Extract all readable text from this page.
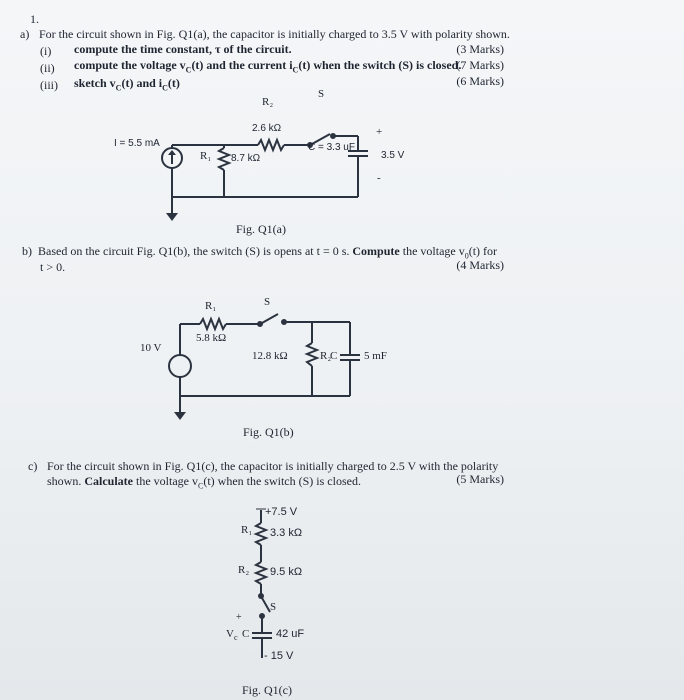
1.
a) For the circuit shown in Fig. Q1(a), the capacitor is initially charged to 3.5 V with polarity shown.
(i) compute the time constant, τ of the circuit.	(3 Marks)
(ii) compute the voltage $v_C(t)$ and the current $i_C(t)$ when the switch (S) is closed.
(7 Marks)
(iii) sketch $v_C(t)$ and $i_C(t)$	(6 Marks)
I = 5.5 mA
R₁ 8.7 kΩ
R₂
2.6 kΩ
S
C = 3.3 uF
+
3.5 V
-
Fig. Q1(a)
b) Based on the circuit Fig. Q1(b), the switch (S) is opens at t = 0 s. Compute the voltage $v_0(t)$ for
t > 0.	(4 Marks)
10 V
R₁
5.8 kΩ
S
12.8 kΩ	R₂
C 5 mF
Fig. Q1(b)
c) For the circuit shown in Fig. Q1(c), the capacitor is initially charged to 2.5 V with the polarity
shown. Calculate the voltage $v_C(t)$ when the switch (S) is closed.	(5 Marks)
+7.5 V
R₁ 3.3 kΩ
R₂ 9.5 kΩ
S
+
$V_c$ C 42 uF
- 15 V
Fig. Q1(c)
